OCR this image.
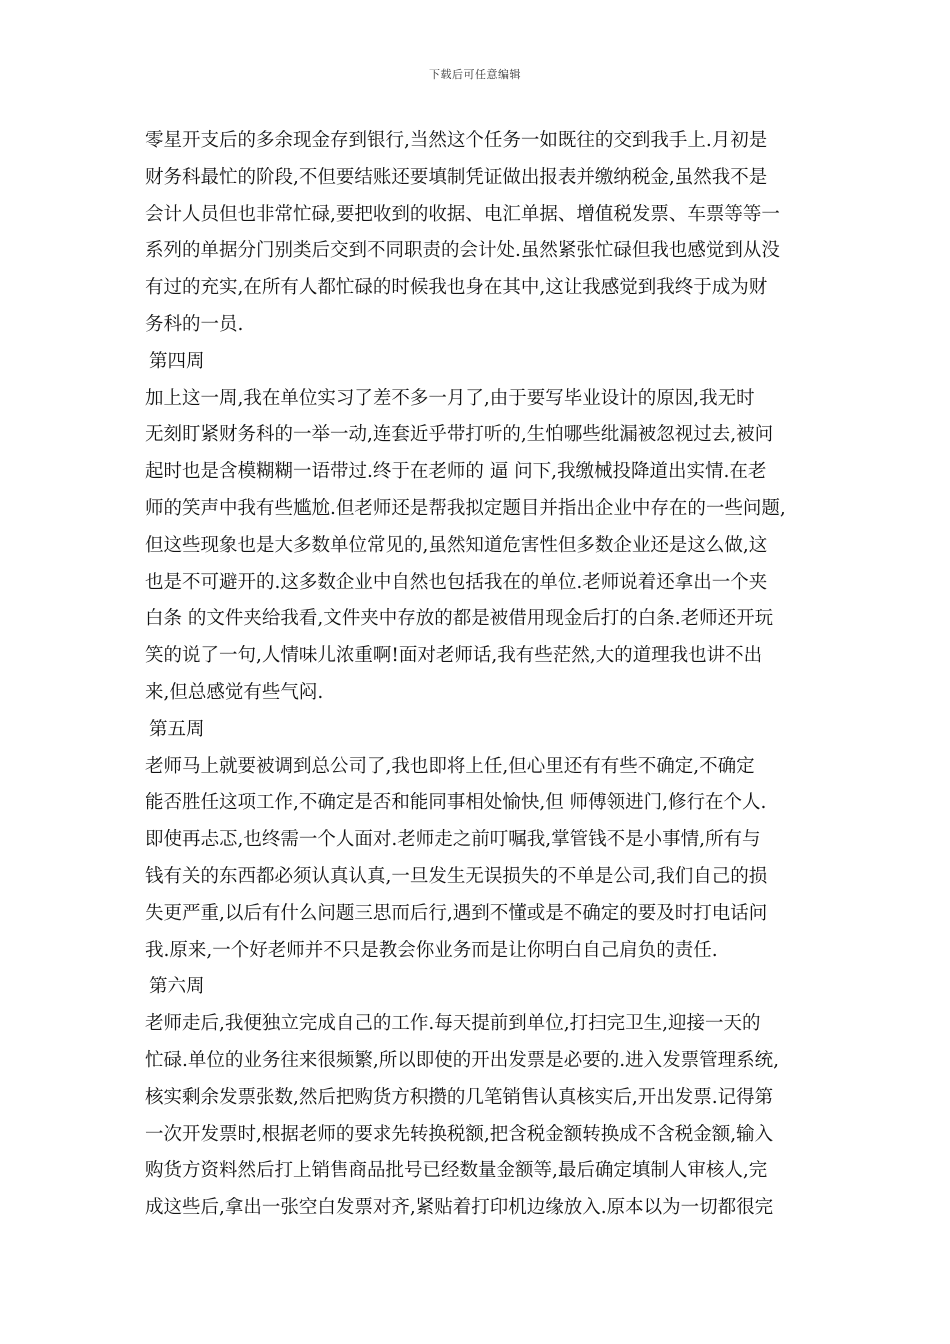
下载后可任意编辑
零星开支后的多余现金存到银行,当然这个任务一如既往的交到我手上.月初是
财务科最忙的阶段,不但要结账还要填制凭证做出报表并缴纳税金,虽然我不是
会计人员但也非常忙碌,要把收到的收据、电汇单据、增值税发票、车票等等一
系列的单据分门别类后交到不同职责的会计处.虽然紧张忙碌但我也感觉到从没
有过的充实,在所有人都忙碌的时候我也身在其中,这让我感觉到我终于成为财
务科的一员.
第四周
加上这一周,我在单位实习了差不多一月了,由于要写毕业设计的原因,我无时
无刻盯紧财务科的一举一动,连套近乎带打听的,生怕哪些纰漏被忽视过去,被问
起时也是含模糊糊一语带过.终于在老师的 逼 问下,我缴械投降道出实情.在老
师的笑声中我有些尴尬.但老师还是帮我拟定题目并指出企业中存在的一些问题,
但这些现象也是大多数单位常见的,虽然知道危害性但多数企业还是这么做,这
也是不可避开的.这多数企业中自然也包括我在的单位.老师说着还拿出一个夹
白条 的文件夹给我看,文件夹中存放的都是被借用现金后打的白条.老师还开玩
笑的说了一句,人情味儿浓重啊!面对老师话,我有些茫然,大的道理我也讲不出
来,但总感觉有些气闷.
第五周
老师马上就要被调到总公司了,我也即将上任,但心里还有有些不确定,不确定
能否胜任这项工作,不确定是否和能同事相处愉快,但 师傅领进门,修行在个人.
即使再忐忑,也终需一个人面对.老师走之前叮嘱我,掌管钱不是小事情,所有与
钱有关的东西都必须认真认真,一旦发生无误损失的不单是公司,我们自己的损
失更严重,以后有什么问题三思而后行,遇到不懂或是不确定的要及时打电话问
我.原来,一个好老师并不只是教会你业务而是让你明白自己肩负的责任.
第六周
老师走后,我便独立完成自己的工作.每天提前到单位,打扫完卫生,迎接一天的
忙碌.单位的业务往来很频繁,所以即使的开出发票是必要的.进入发票管理系统,
核实剩余发票张数,然后把购货方积攒的几笔销售认真核实后,开出发票.记得第
一次开发票时,根据老师的要求先转换税额,把含税金额转换成不含税金额,输入
购货方资料然后打上销售商品批号已经数量金额等,最后确定填制人审核人,完
成这些后,拿出一张空白发票对齐,紧贴着打印机边缘放入.原本以为一切都很完
